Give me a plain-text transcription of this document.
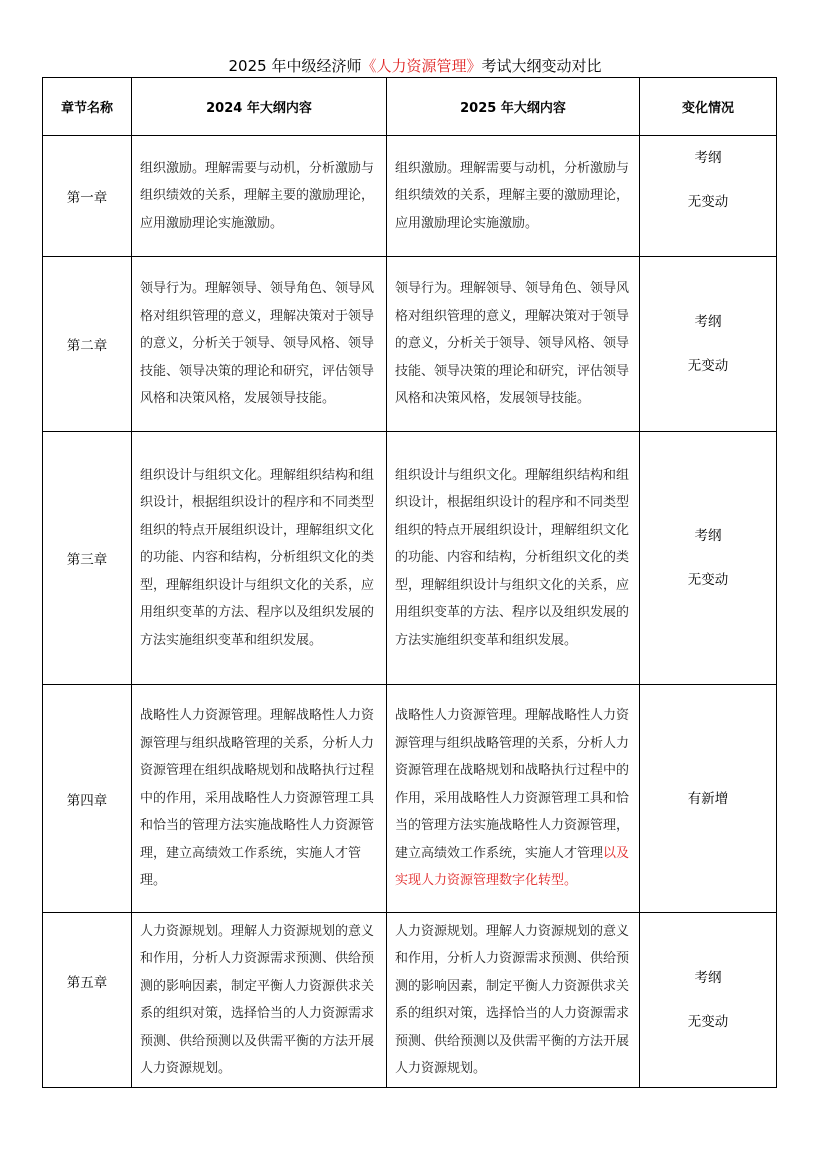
2025 年中级经济师《人力资源管理》考试大纲变动对比
章节名称	2024 年大纲内容	2025 年大纲内容	变化情况
第一章	组织激励。理解需要与动机，分析激励与组织绩效的关系，理解主要的激励理论，应用激励理论实施激励。	组织激励。理解需要与动机，分析激励与组织绩效的关系，理解主要的激励理论，应用激励理论实施激励。	考纲
无变动

第二章	领导行为。理解领导、领导角色、领导风格对组织管理的意义，理解决策对于领导的意义，分析关于领导、领导风格、领导技能、领导决策的理论和研究，评估领导风格和决策风格，发展领导技能。	领导行为。理解领导、领导角色、领导风格对组织管理的意义，理解决策对于领导的意义，分析关于领导、领导风格、领导技能、领导决策的理论和研究，评估领导风格和决策风格，发展领导技能。	考纲
无变动

第三章	组织设计与组织文化。理解组织结构和组织设计，根据组织设计的程序和不同类型组织的特点开展组织设计，理解组织文化的功能、内容和结构，分析组织文化的类型，理解组织设计与组织文化的关系，应用组织变革的方法、程序以及组织发展的方法实施组织变革和组织发展。	组织设计与组织文化。理解组织结构和组织设计，根据组织设计的程序和不同类型组织的特点开展组织设计，理解组织文化的功能、内容和结构，分析组织文化的类型，理解组织设计与组织文化的关系，应用组织变革的方法、程序以及组织发展的方法实施组织变革和组织发展。	考纲
无变动

第四章	战略性人力资源管理。理解战略性人力资源管理与组织战略管理的关系，分析人力资源管理在组织战略规划和战略执行过程中的作用，采用战略性人力资源管理工具和恰当的管理方法实施战略性人力资源管理，建立高绩效工作系统，实施人才管理。	战略性人力资源管理。理解战略性人力资源管理与组织战略管理的关系，分析人力资源管理在战略规划和战略执行过程中的作用，采用战略性人力资源管理工具和恰当的管理方法实施战略性人力资源管理，建立高绩效工作系统，实施人才管理以及实现人力资源管理数字化转型。	有新增

第五章	人力资源规划。理解人力资源规划的意义和作用，分析人力资源需求预测、供给预测的影响因素，制定平衡人力资源供求关系的组织对策，选择恰当的人力资源需求预测、供给预测以及供需平衡的方法开展人力资源规划。	人力资源规划。理解人力资源规划的意义和作用，分析人力资源需求预测、供给预测的影响因素，制定平衡人力资源供求关系的组织对策，选择恰当的人力资源需求预测、供给预测以及供需平衡的方法开展人力资源规划。	考纲
无变动
